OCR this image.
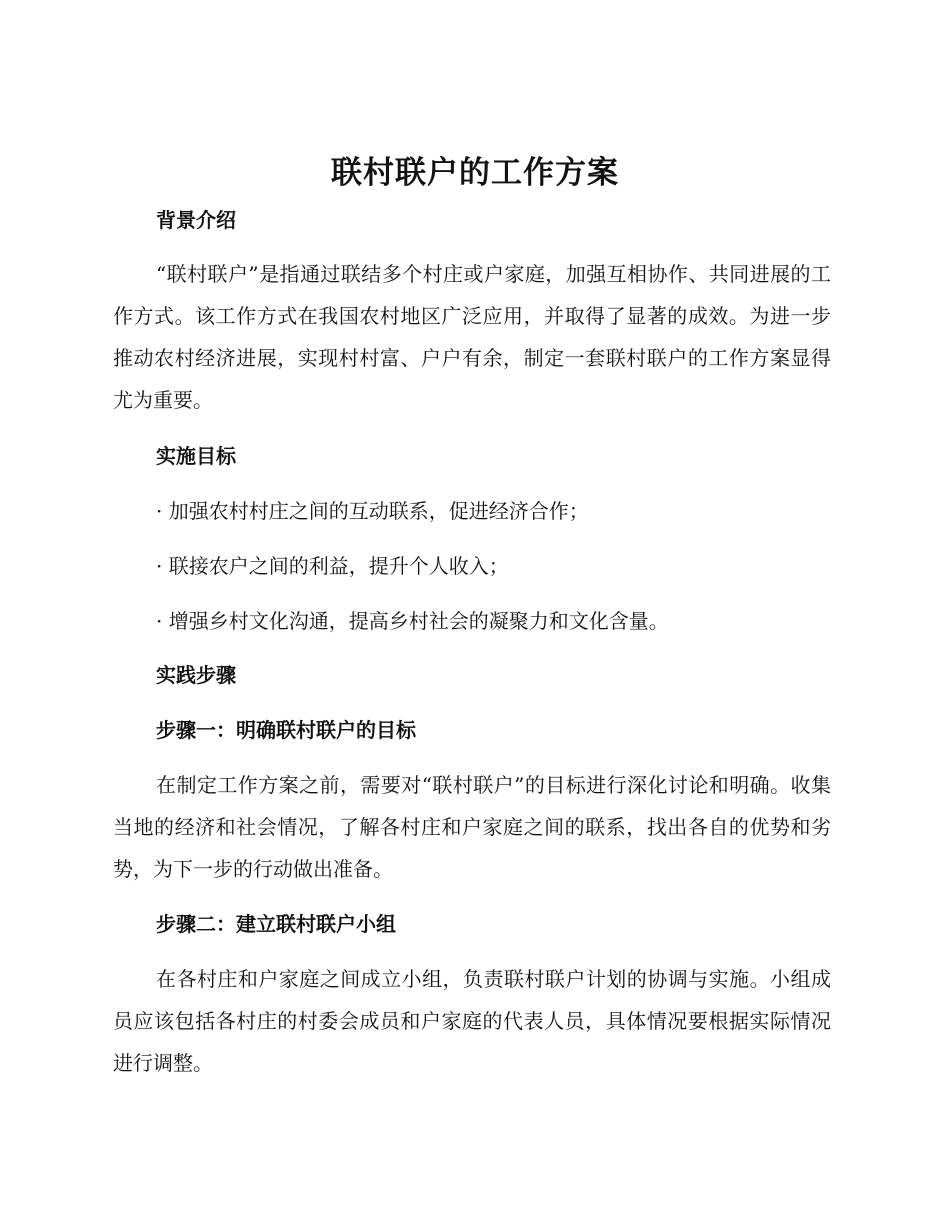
联村联户的工作方案
背景介绍

“联村联户”是指通过联结多个村庄或户家庭，加强互相协作、共同进展的工作方式。该工作方式在我国农村地区广泛应用，并取得了显著的成效。为进一步推动农村经济进展，实现村村富、户户有余，制定一套联村联户的工作方案显得尤为重要。

实施目标

· 加强农村村庄之间的互动联系，促进经济合作；

· 联接农户之间的利益，提升个人收入；

· 增强乡村文化沟通，提高乡村社会的凝聚力和文化含量。

实践步骤
步骤一：明确联村联户的目标

在制定工作方案之前，需要对“联村联户”的目标进行深化讨论和明确。收集当地的经济和社会情况，了解各村庄和户家庭之间的联系，找出各自的优势和劣势，为下一步的行动做出准备。

步骤二：建立联村联户小组

在各村庄和户家庭之间成立小组，负责联村联户计划的协调与实施。小组成员应该包括各村庄的村委会成员和户家庭的代表人员，具体情况要根据实际情况进行调整。
